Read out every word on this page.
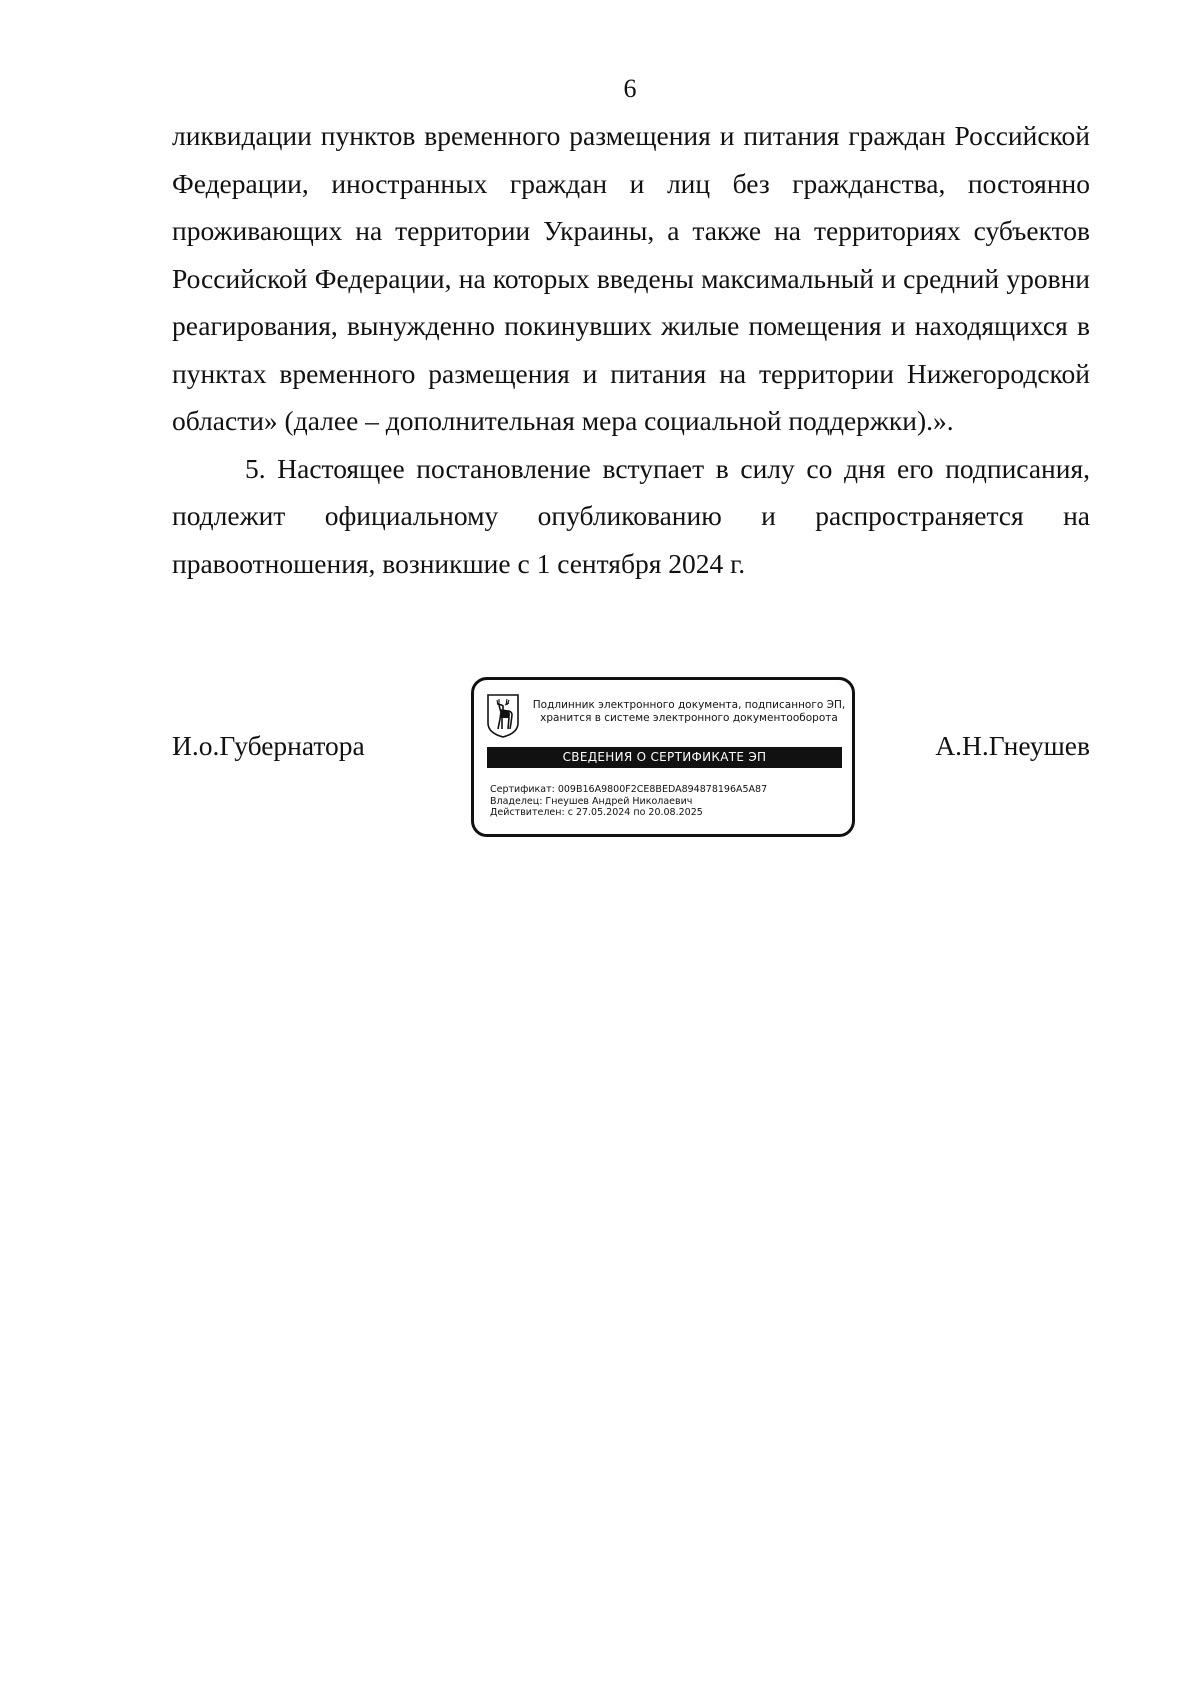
6

ликвидации пунктов временного размещения и питания граждан Российской Федерации, иностранных граждан и лиц без гражданства, постоянно проживающих на территории Украины, а также на территориях субъектов Российской Федерации, на которых введены максимальный и средний уровни реагирования, вынужденно покинувших жилые помещения и находящихся в пунктах временного размещения и питания на территории Нижегородской области» (далее – дополнительная мера социальной поддержки).».

5. Настоящее постановление вступает в силу со дня его подписания, подлежит официальному опубликованию и распространяется на правоотношения, возникшие с 1 сентября 2024 г.

И.о.Губернатора
Подлинник электронного документа, подписанного ЭП,
хранится в системе электронного документооборота
СВЕДЕНИЯ О СЕРТИФИКАТЕ ЭП
Сертификат: 009B16A9800F2CE8BEDA894878196A5A87
Владелец: Гнеушев Андрей Николаевич
Действителен: с 27.05.2024 по 20.08.2025
А.Н.Гнеушев
